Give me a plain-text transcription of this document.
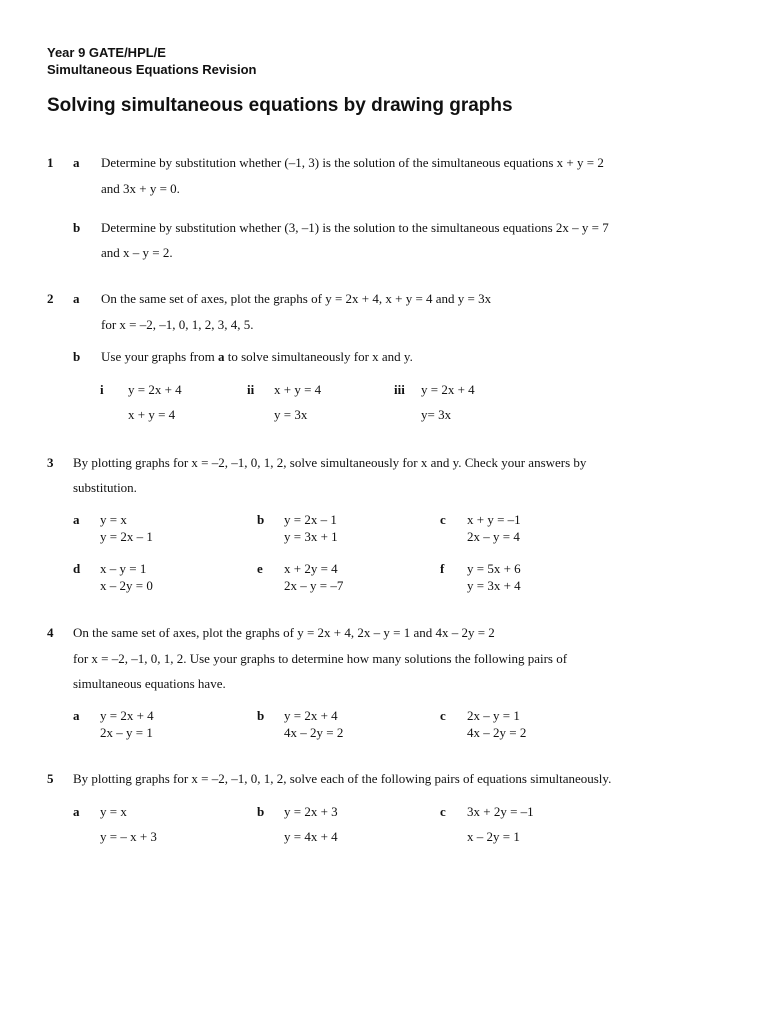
Year 9 GATE/HPL/E
Simultaneous Equations Revision
Solving simultaneous equations by drawing graphs
1 a Determine by substitution whether (–1, 3) is the solution of the simultaneous equations x + y = 2
and 3x + y = 0.
b Determine by substitution whether (3, –1) is the solution to the simultaneous equations 2x – y = 7
and x – y = 2.
2 a On the same set of axes, plot the graphs of y = 2x + 4, x + y = 4 and y = 3x
for x = –2, –1, 0, 1, 2, 3, 4, 5.
b Use your graphs from a to solve simultaneously for x and y.
i y = 2x + 4
x + y = 4
ii x + y = 4
y = 3x
iii y = 2x + 4
y= 3x
3 By plotting graphs for x = –2, –1, 0, 1, 2, solve simultaneously for x and y. Check your answers by
substitution.
a y = x
y = 2x – 1
b y = 2x – 1
y = 3x + 1
c x + y = –1
2x – y = 4
d x – y = 1
x – 2y = 0
e x + 2y = 4
2x – y = –7
f y = 5x + 6
y = 3x + 4
4 On the same set of axes, plot the graphs of y = 2x + 4, 2x – y = 1 and 4x – 2y = 2
for x = –2, –1, 0, 1, 2. Use your graphs to determine how many solutions the following pairs of
simultaneous equations have.
a y = 2x + 4
2x – y = 1
b y = 2x + 4
4x – 2y = 2
c 2x – y = 1
4x – 2y = 2
5 By plotting graphs for x = –2, –1, 0, 1, 2, solve each of the following pairs of equations simultaneously.
a y = x
y = – x + 3
b y = 2x + 3
y = 4x + 4
c 3x + 2y = –1
x – 2y = 1
